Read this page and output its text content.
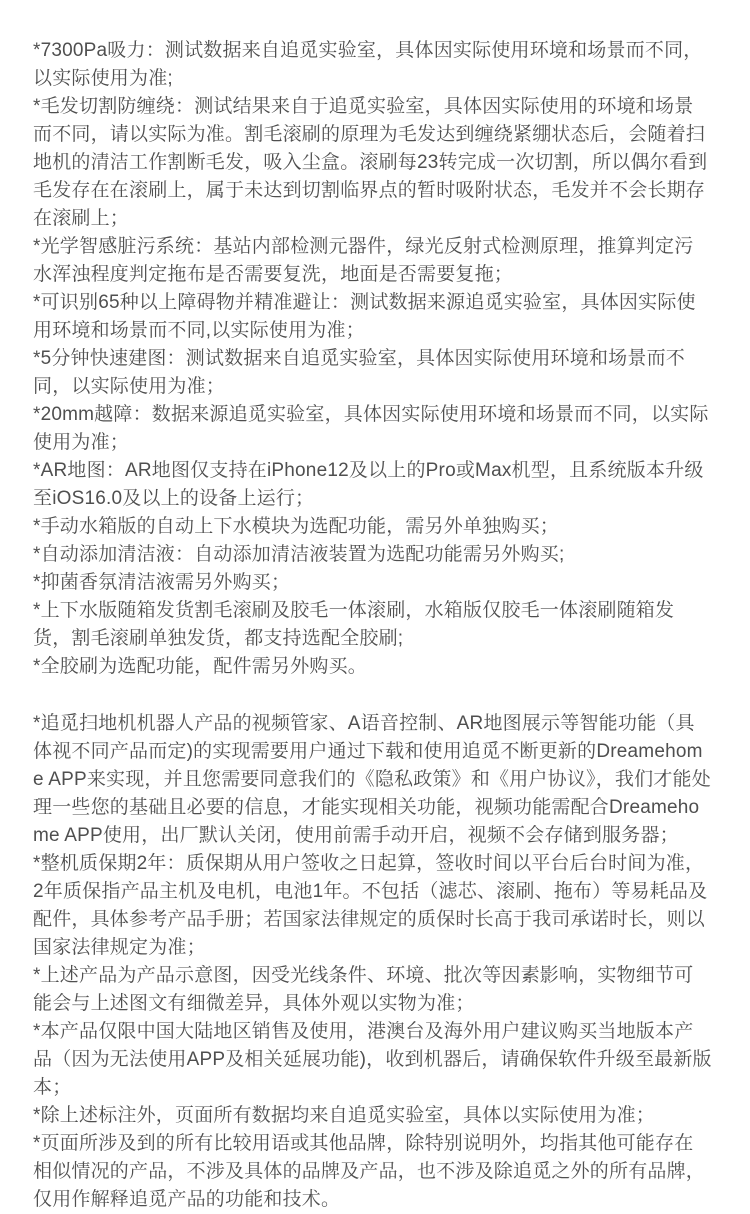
*7300Pa吸力：测试数据来自追觅实验室，具体因实际使用环境和场景而不同，以实际使用为准;

*毛发切割防缠绕：测试结果来自于追觅实验室，具体因实际使用的环境和场景而不同，请以实际为准。割毛滚刷的原理为毛发达到缠绕紧绷状态后，会随着扫地机的清洁工作割断毛发，吸入尘盒。滚刷每23转完成一次切割，所以偶尔看到毛发存在在滚刷上，属于未达到切割临界点的暂时吸附状态，毛发并不会长期存在滚刷上；

*光学智感脏污系统：基站内部检测元器件，绿光反射式检测原理，推算判定污水浑浊程度判定拖布是否需要复洗，地面是否需要复拖；

*可识别65种以上障碍物并精准避让：测试数据来源追觅实验室，具体因实际使用环境和场景而不同,以实际使用为准；

*5分钟快速建图：测试数据来自追觅实验室，具体因实际使用环境和场景而不同，以实际使用为准；

*20mm越障：数据来源追觅实验室，具体因实际使用环境和场景而不同，以实际使用为准；

*AR地图：AR地图仅支持在iPhone12及以上的Pro或Max机型，且系统版本升级至iOS16.0及以上的设备上运行；

*手动水箱版的自动上下水模块为选配功能，需另外单独购买；

*自动添加清洁液：自动添加清洁液装置为选配功能需另外购买;

*抑菌香氛清洁液需另外购买；

*上下水版随箱发货割毛滚刷及胶毛一体滚刷，水箱版仅胶毛一体滚刷随箱发货，割毛滚刷单独发货，都支持选配全胶刷;

*全胶刷为选配功能，配件需另外购买。

*追觅扫地机机器人产品的视频管家、A语音控制、AR地图展示等智能功能（具体视不同产品而定)的实现需要用户通过下载和使用追觅不断更新的Dreamehome APP来实现，并且您需要同意我们的《隐私政策》和《用户协议》，我们才能处理一些您的基础且必要的信息，才能实现相关功能，视频功能需配合Dreamehome APP使用，出厂默认关闭，使用前需手动开启，视频不会存储到服务器；

*整机质保期2年：质保期从用户签收之日起算，签收时间以平台后台时间为准，2年质保指产品主机及电机，电池1年。不包括（滤芯、滚刷、拖布）等易耗品及配件，具体参考产品手册；若国家法律规定的质保时长高于我司承诺时长，则以国家法律规定为准；

*上述产品为产品示意图，因受光线条件、环境、批次等因素影响，实物细节可能会与上述图文有细微差异，具体外观以实物为准；

*本产品仅限中国大陆地区销售及使用，港澳台及海外用户建议购买当地版本产品（因为无法使用APP及相关延展功能)，收到机器后，请确保软件升级至最新版本；

*除上述标注外，页面所有数据均来自追觅实验室，具体以实际使用为准；

*页面所涉及到的所有比较用语或其他品牌，除特别说明外，均指其他可能存在相似情况的产品，不涉及具体的品牌及产品，也不涉及除追觅之外的所有品牌，仅用作解释追觅产品的功能和技术。
